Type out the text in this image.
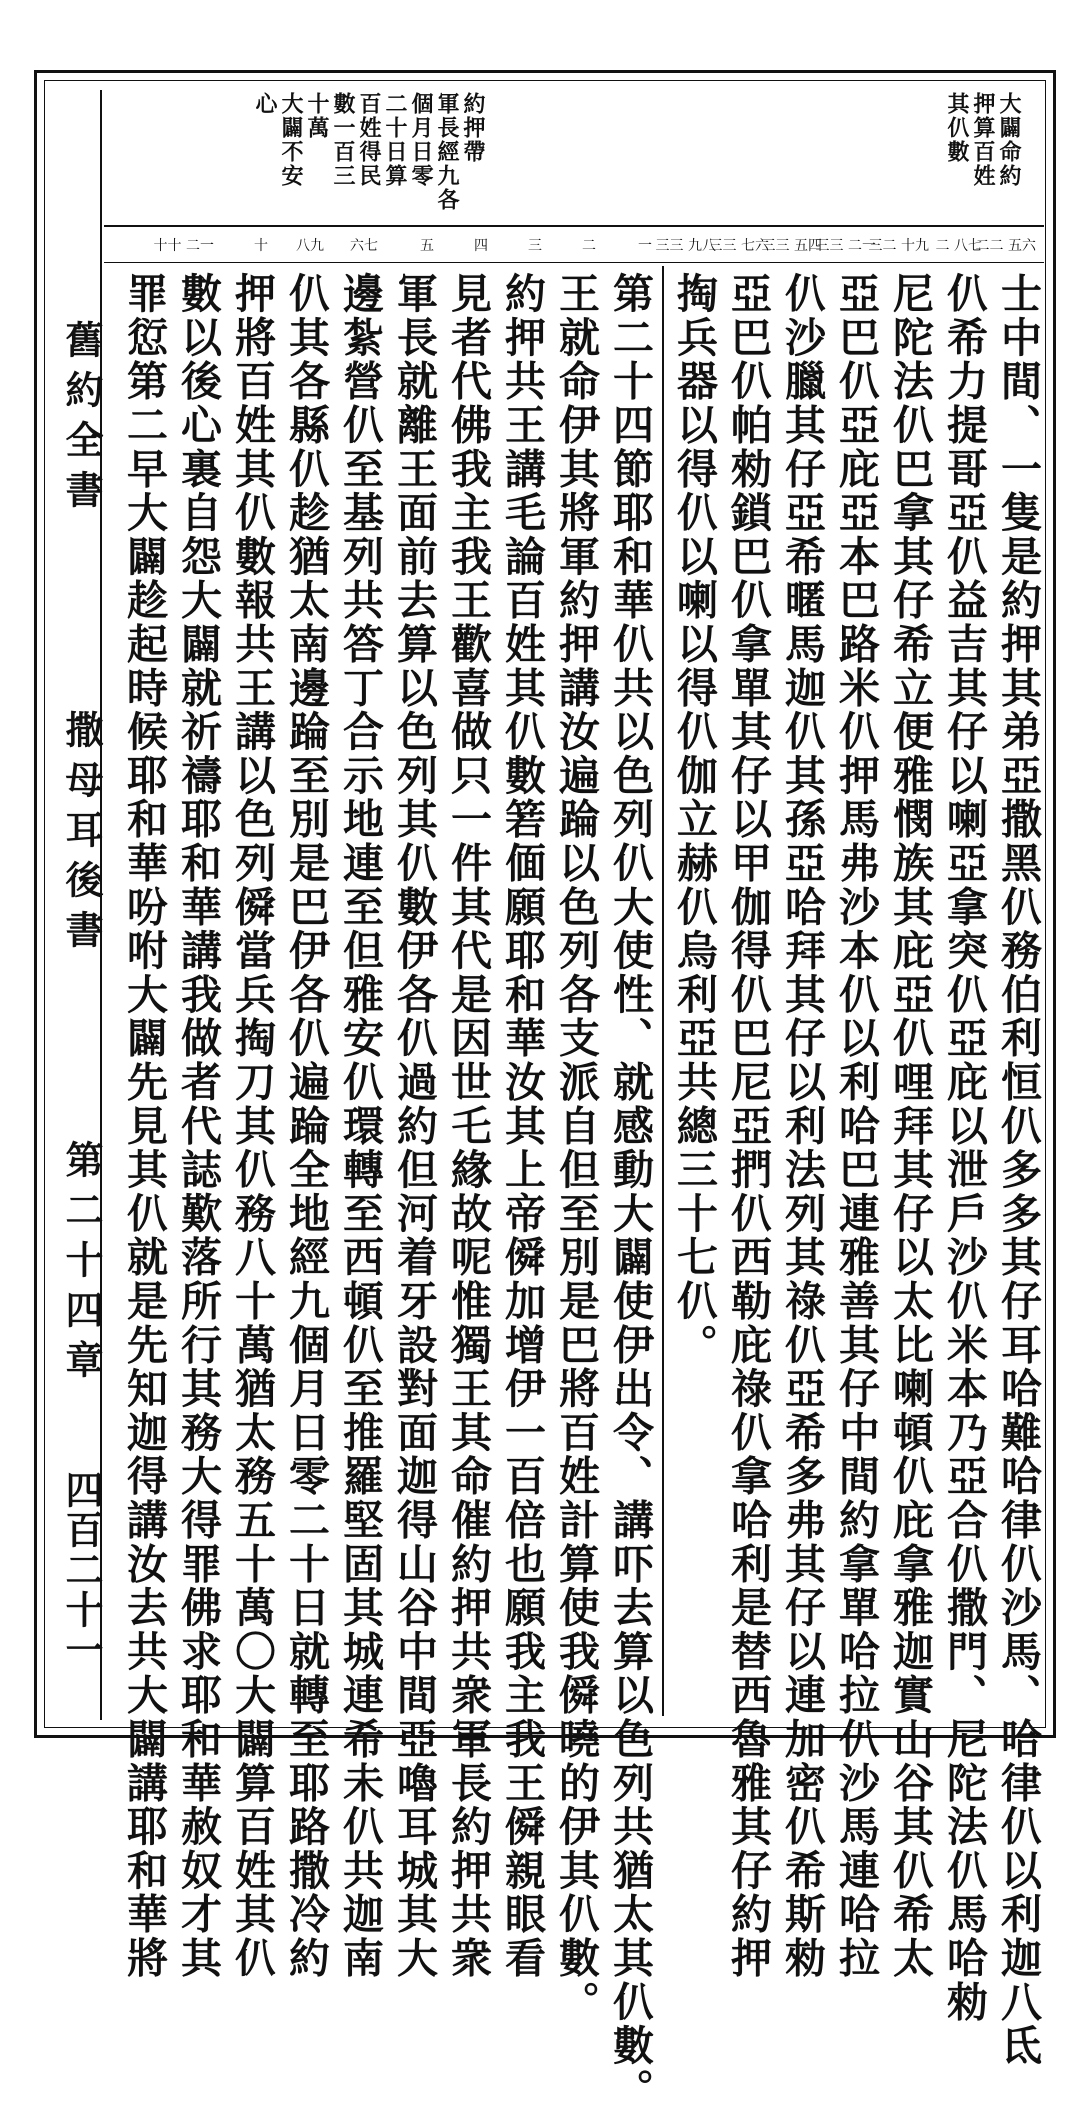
舊約全書
撒母耳後書
第二十四章
四百二十一
大闢命約
押算百姓
其仈數
約押帶
軍長經九各
個月日零
二十日算
百姓得民
數一百三
十萬
大闢不安
心
二二 五六
二 八七
三二 十九
三三 二一
三三 五四
三三 七六
三三 九八
一
二
三
四
五
六七
八九
十
十十 二一
士中間、一隻是約押其弟亞撒黑仈務伯利恒仈多多其仔耳哈難哈律仈沙馬、哈律仈以利迦八氐
仈希力提哥亞仈益吉其仔以喇亞拿突仈亞庇以泄戶沙仈米本乃亞合仈撒門、尼陀法仈馬哈勑
尼陀法仈巴拿其仔希立便雅憫族其庇亞仈哩拜其仔以太比喇頓仈庇拿雅迦實山谷其仈希太
亞巴仈亞庇亞本巴路米仈押馬弗沙本仈以利哈巴連雅善其仔中間約拿單哈拉仈沙馬連哈拉
仈沙臘其仔亞希暱馬迦仈其孫亞哈拜其仔以利法列其祿仈亞希多弗其仔以連加密仈希斯勑
亞巴仈帕勑鎖巴仈拿單其仔以甲伽得仈巴尼亞捫仈西勒庇祿仈拿哈利是替西魯雅其仔約押
掏兵器以得仈以喇以得仈伽立赫仈烏利亞共總三十七仈。
第二十四節耶和華仈共以色列仈大使性、就感動大闢使伊出令、講吓去算以色列共猶太其仈數。
王就命伊其將軍約押講汝遍踚以色列各支派自但至別是巴將百姓計算使我僢曉的伊其仈數。
約押共王講毛論百姓其仈數箬偭願耶和華汝其上帝僢加增伊一百倍也願我主我王僢親眼看
見者代佛我主我王歡喜做只一件其代是因世乇緣故呢惟獨王其命催約押共衆軍長約押共衆
軍長就離王面前去算以色列其仈數伊各仈過約但河着牙設對面迦得山谷中間亞嚕耳城其大
邊紮營仈至基列共答丁合示地連至但雅安仈環轉至西頓仈至推羅堅固其城連希未仈共迦南
仈其各縣仈趁猶太南邊踚至別是巴伊各仈遍踚全地經九個月日零二十日就轉至耶路撒冷約
押將百姓其仈數報共王講以色列僢當兵掏刀其仈務八十萬猶太務五十萬〇大闢算百姓其仈
數以後心裏自怨大闢就祈禱耶和華講我做者代誌歎落所行其務大得罪佛求耶和華赦奴才其
罪愆第二早大闢趁起時候耶和華吩咐大闢先見其仈就是先知迦得講汝去共大闢講耶和華將
